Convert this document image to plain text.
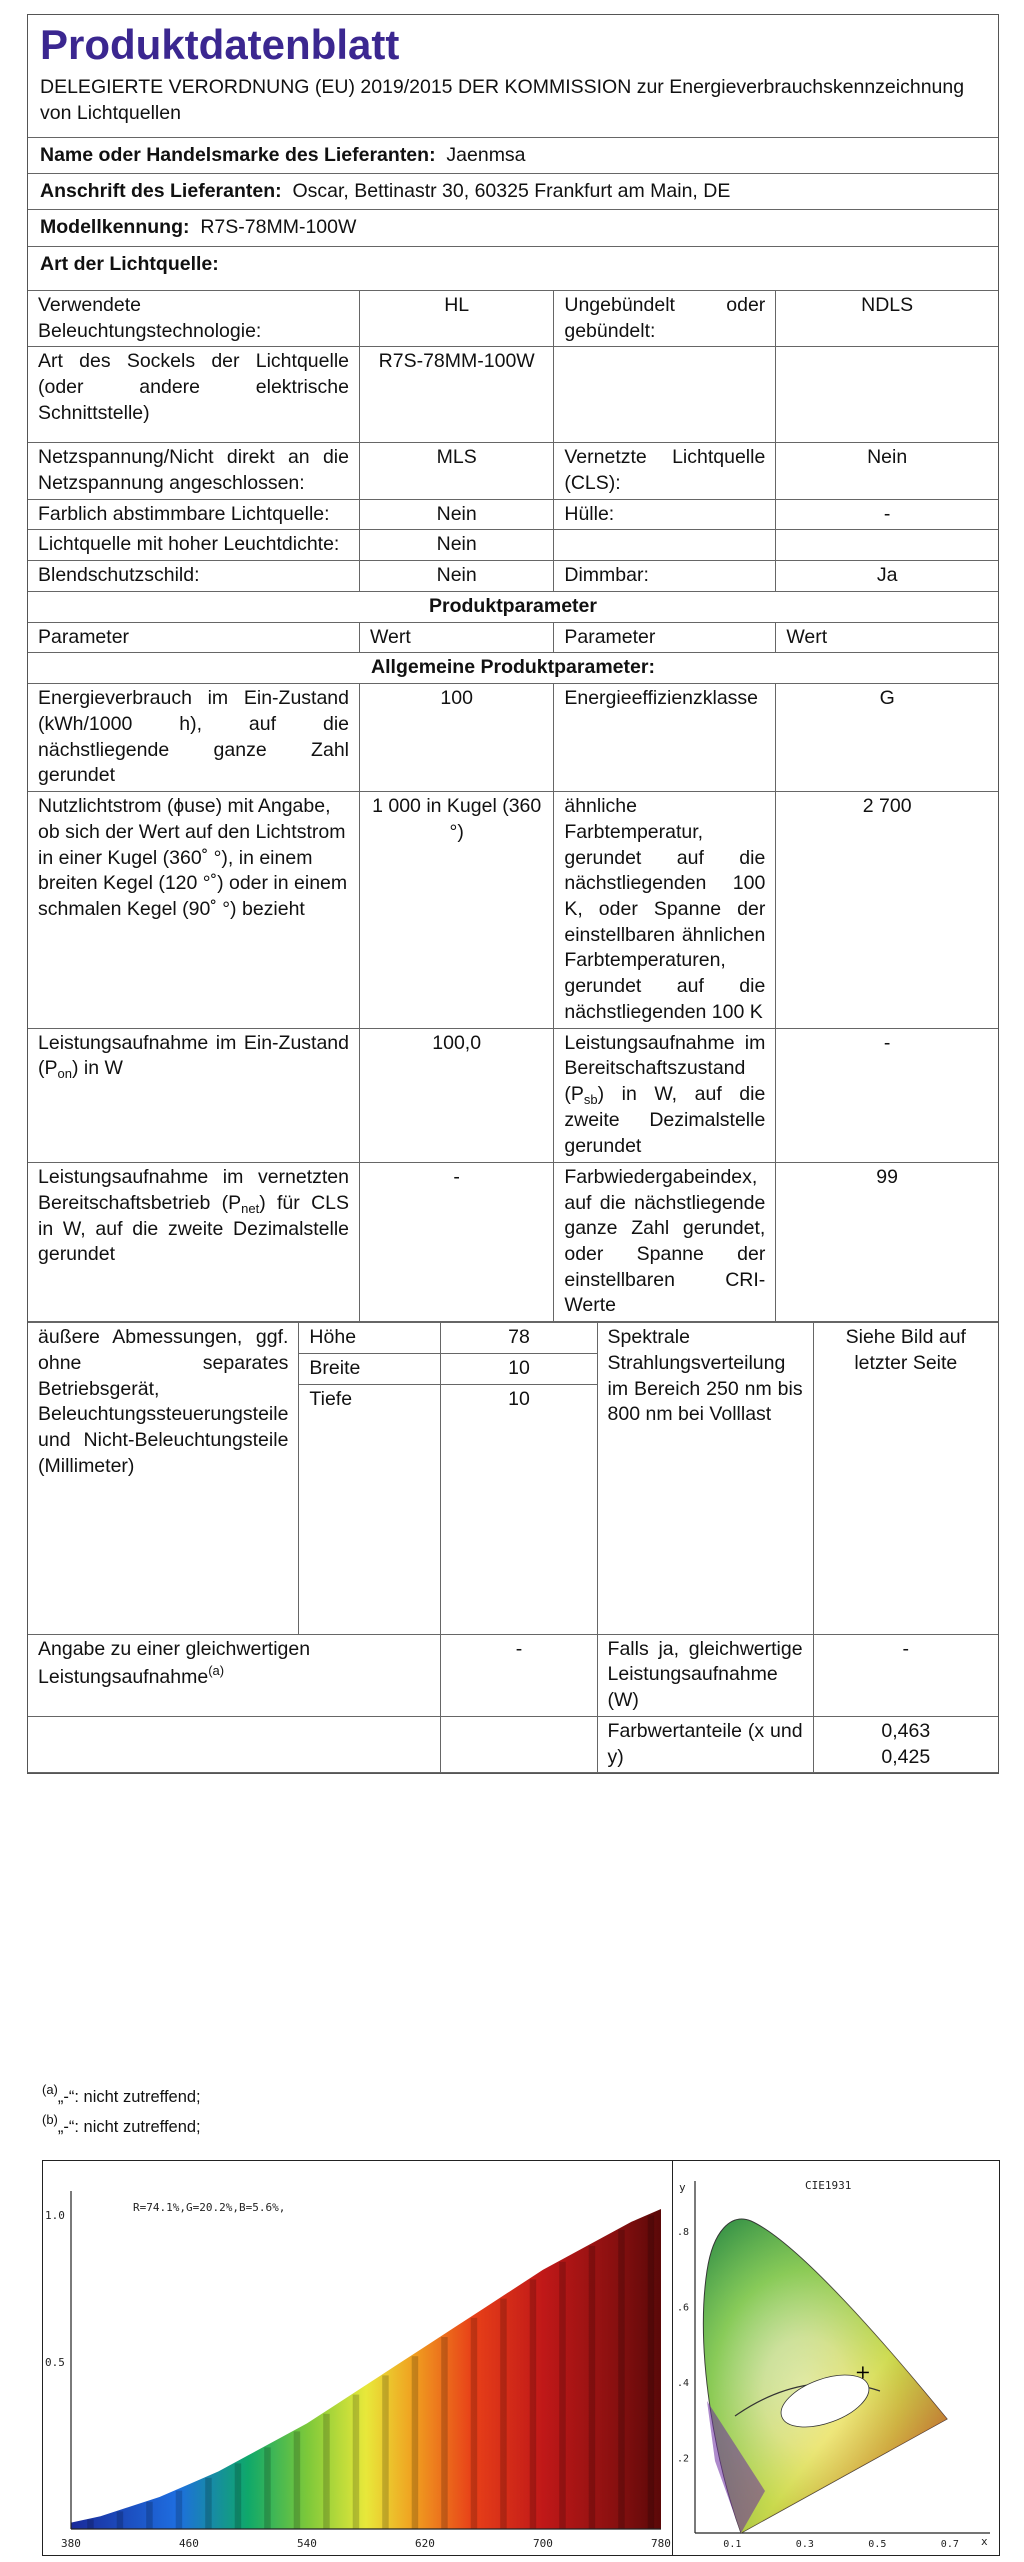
Produktdatenblatt
DELEGIERTE VERORDNUNG (EU) 2019/2015 DER KOMMISSION zur Energieverbrauchskennzeichnung von Lichtquellen
Name oder Handelsmarke des Lieferanten: Jaenmsa
Anschrift des Lieferanten: Oscar, Bettinastr 30, 60325 Frankfurt am Main, DE
Modellkennung: R7S-78MM-100W
Art der Lichtquelle:
Verwendete Beleuchtungstechnologie:	HL	Ungebündelt oder gebündelt:	NDLS
Art des Sockels der Lichtquelle (oder andere elektrische Schnittstelle)	R7S-78MM-100W		
Netzspannung/Nicht direkt an die Netzspannung angeschlossen:	MLS	Vernetzte Lichtquelle (CLS):	Nein
Farblich abstimmbare Lichtquelle:	Nein	Hülle:	-
Lichtquelle mit hoher Leuchtdichte:	Nein		
Blendschutzschild:	Nein	Dimmbar:	Ja
Produktparameter			
Parameter	Wert	Parameter	Wert
Allgemeine Produktparameter:			
Energieverbrauch im Ein-Zustand (kWh/1000 h), auf die nächstliegende ganze Zahl gerundet	100	Energieeffizienzklasse	G
Nutzlichtstrom (ɸuse) mit Angabe, ob sich der Wert auf den Lichtstrom in einer Kugel (360˚ °), in einem breiten Kegel (120 °˚) oder in einem schmalen Kegel (90˚ °) bezieht	1 000 in Kugel (360 °)	ähnliche Farbtemperatur, gerundet auf die nächstliegenden 100 K, oder Spanne der einstellbaren ähnlichen Farbtemperaturen, gerundet auf die nächstliegenden 100 K	2 700
Leistungsaufnahme im Ein-Zustand $(P_{on})$ in W	100,0	Leistungsaufnahme im Bereitschaftszustand $(P_{sb})$ in W, auf die zweite Dezimalstelle gerundet	-
Leistungsaufnahme im vernetzten Bereitschaftsbetrieb $(P_{net})$ für CLS in W, auf die zweite Dezimalstelle gerundet	-	Farbwiedergabeindex, auf die nächstliegende ganze Zahl gerundet, oder Spanne der einstellbaren CRI-Werte	99
äußere Abmessungen, ggf. ohne separates Betriebsgerät, Beleuchtungssteuerungsteile und Nicht-Beleuchtungsteile (Millimeter)	Höhe	78	Spektrale Strahlungsverteilung im Bereich 250 nm bis 800 nm bei Volllast	Siehe Bild auf letzter Seite
	Breite	10		
	Tiefe	10		
Angabe zu einer gleichwertigen Leistungsaufnahme$^{(a)}$		-	Falls ja, gleichwertige Leistungsaufnahme (W)	-
			Farbwertanteile (x und y)	0,463
0,425
$^{(a)}$„-“: nicht zutreffend;
$^{(b)}$„-“: nicht zutreffend;
R=74.1%,G=20.2%,B=5.6%,
1.0
0.5
380	460	540	620	700	780
CIE1931
y
x
0.1	0.3	0.5	0.7
.2
.4
.6
.8
